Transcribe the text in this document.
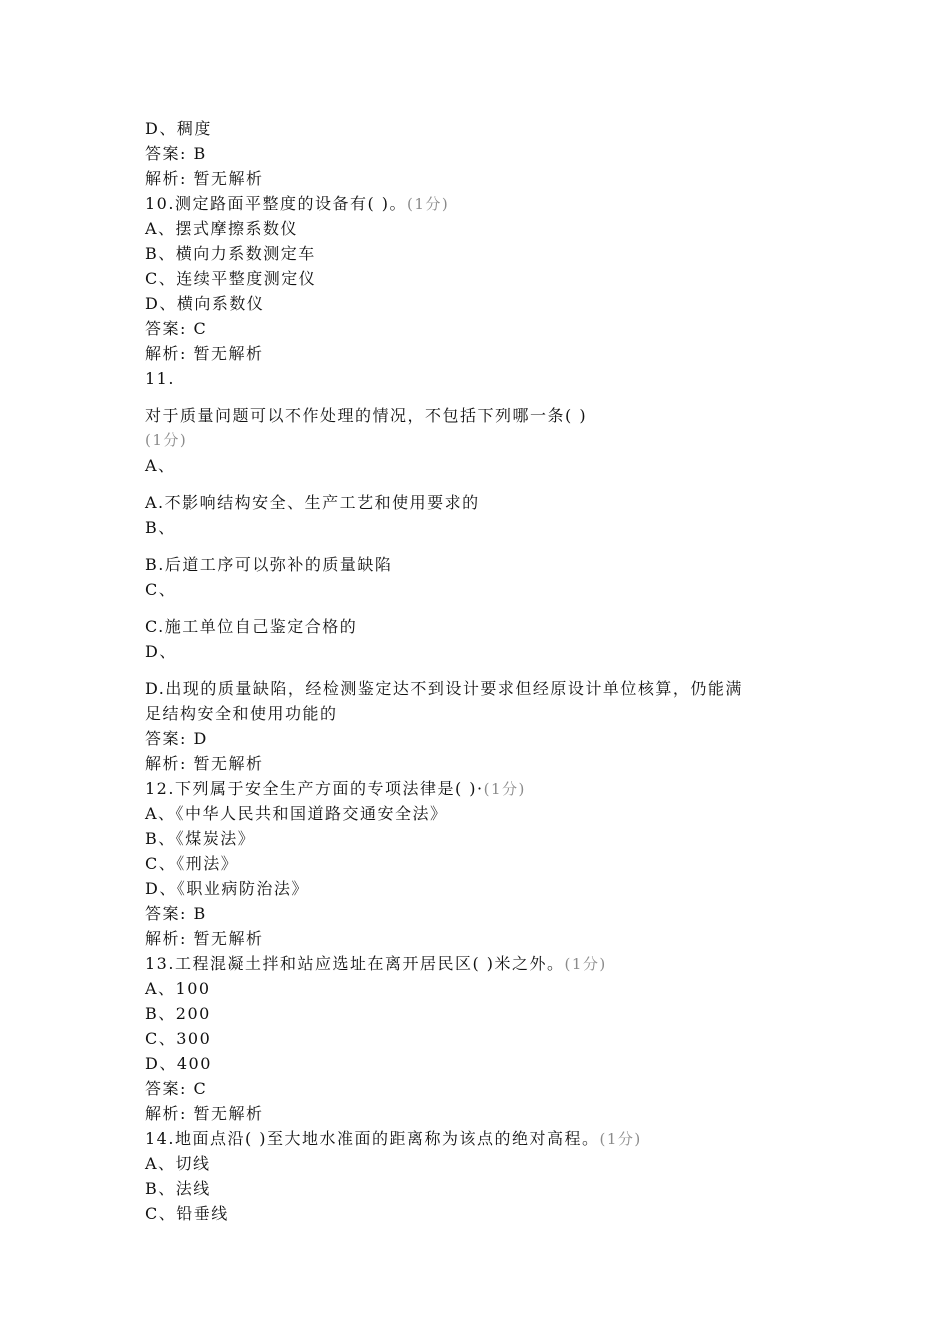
D、稠度
答案: B
解析: 暂无解析
10.测定路面平整度的设备有( )。(1分)
A、摆式摩擦系数仪
B、横向力系数测定车
C、连续平整度测定仪
D、横向系数仪
答案: C
解析: 暂无解析
11.
对于质量问题可以不作处理的情况，不包括下列哪一条( )
(1分)
A、
A.不影响结构安全、生产工艺和使用要求的
B、
B.后道工序可以弥补的质量缺陷
C、
C.施工单位自己鉴定合格的
D、
D.出现的质量缺陷，经检测鉴定达不到设计要求但经原设计单位核算，仍能满
足结构安全和使用功能的
答案: D
解析: 暂无解析
12.下列属于安全生产方面的专项法律是( )·(1分)
A、《中华人民共和国道路交通安全法》
B、《煤炭法》
C、《刑法》
D、《职业病防治法》
答案: B
解析: 暂无解析
13.工程混凝土拌和站应选址在离开居民区( )米之外。(1分)
A、100
B、200
C、300
D、400
答案: C
解析: 暂无解析
14.地面点沿( )至大地水准面的距离称为该点的绝对高程。(1分)
A、切线
B、法线
C、铅垂线
